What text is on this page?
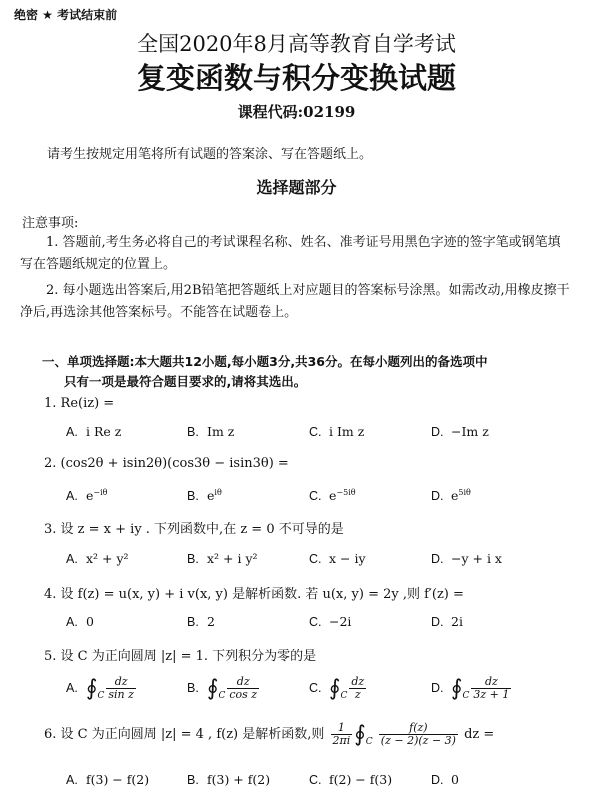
绝密 ★ 考试结束前
全国2020年8月高等教育自学考试
复变函数与积分变换试题
课程代码:02199
请考生按规定用笔将所有试题的答案涂、写在答题纸上。
选择题部分
注意事项:
1. 答题前,考生务必将自己的考试课程名称、姓名、准考证号用黑色字迹的签字笔或钢笔填写在答题纸规定的位置上。
2. 每小题选出答案后,用2B铅笔把答题纸上对应题目的答案标号涂黑。如需改动,用橡皮擦干净后,再选涂其他答案标号。不能答在试题卷上。
一、单项选择题:本大题共12小题,每小题3分,共36分。在每小题列出的备选项中
只有一项是最符合题目要求的,请将其选出。
1. Re(iz) =
A. i Re z	B. Im z	C. i Im z	D. −Im z
2. (cos2θ + isin2θ)(cos3θ − isin3θ) =
A. $e^{-i\theta}$	B. $e^{i\theta}$	C. $e^{-5i\theta}$	D. $e^{5i\theta}$
3. 设 z = x + iy . 下列函数中,在 z = 0 不可导的是
A. x² + y²	B. x² + i y²	C. x − iy	D. −y + i x
4. 设 f(z) = u(x, y) + i v(x, y) 是解析函数. 若 u(x, y) = 2y ,则 f′(z) =
A. 0	B. 2	C. −2i	D. 2i
5. 设 C 为正向圆周 |z| = 1. 下列积分为零的是
A. $∮_C \frac{dz}{\text{sin z}}$	B. $∮_C \frac{dz}{\text{cos z}}$	C. $∮_C \frac{dz}{z}$	D. $∮_C \frac{dz}{3z + 1}$
6. 设 C 为正向圆周 |z| = 4 , f(z) 是解析函数,则 $\frac{1}{2\pi i}$ $∮_C \frac{f(z)}{(z - 2)(z - 3)}$ dz =
A. f(3) − f(2)	B. f(3) + f(2)	C. f(2) − f(3)	D. 0
